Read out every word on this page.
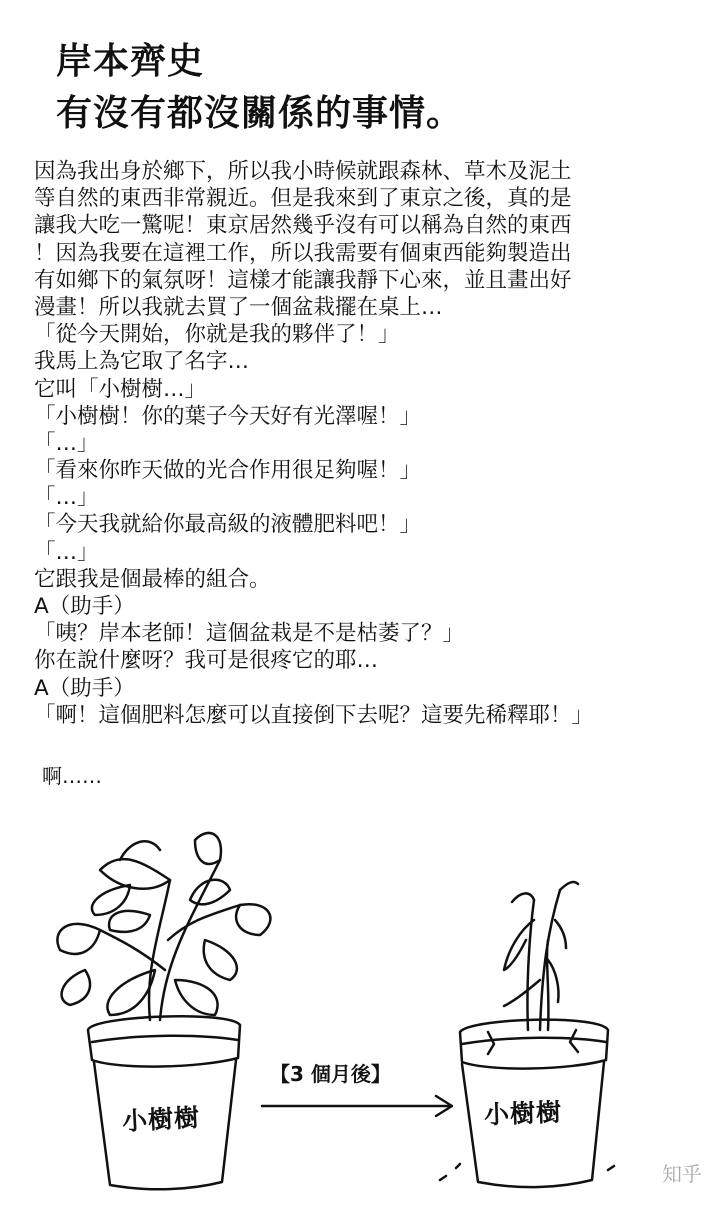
岸本齊史
有沒有都沒關係的事情。
因為我出身於鄉下，所以我小時候就跟森林、草木及泥土
等自然的東西非常親近。但是我來到了東京之後，真的是
讓我大吃一驚呢！東京居然幾乎沒有可以稱為自然的東西
！因為我要在這裡工作，所以我需要有個東西能夠製造出
有如鄉下的氣氛呀！這樣才能讓我靜下心來，並且畫出好
漫畫！所以我就去買了一個盆栽擺在桌上…
「從今天開始，你就是我的夥伴了！」
我馬上為它取了名字…
它叫「小樹樹…」
「小樹樹！你的葉子今天好有光澤喔！」
「…」
「看來你昨天做的光合作用很足夠喔！」
「…」
「今天我就給你最高級的液體肥料吧！」
「…」
它跟我是個最棒的組合。
A（助手）
「咦？岸本老師！這個盆栽是不是枯萎了？」
你在說什麼呀？我可是很疼它的耶…
A（助手）
「啊！這個肥料怎麼可以直接倒下去呢？這要先稀釋耶！」
啊……
小樹樹	小樹樹
【3 個月後】
知乎
